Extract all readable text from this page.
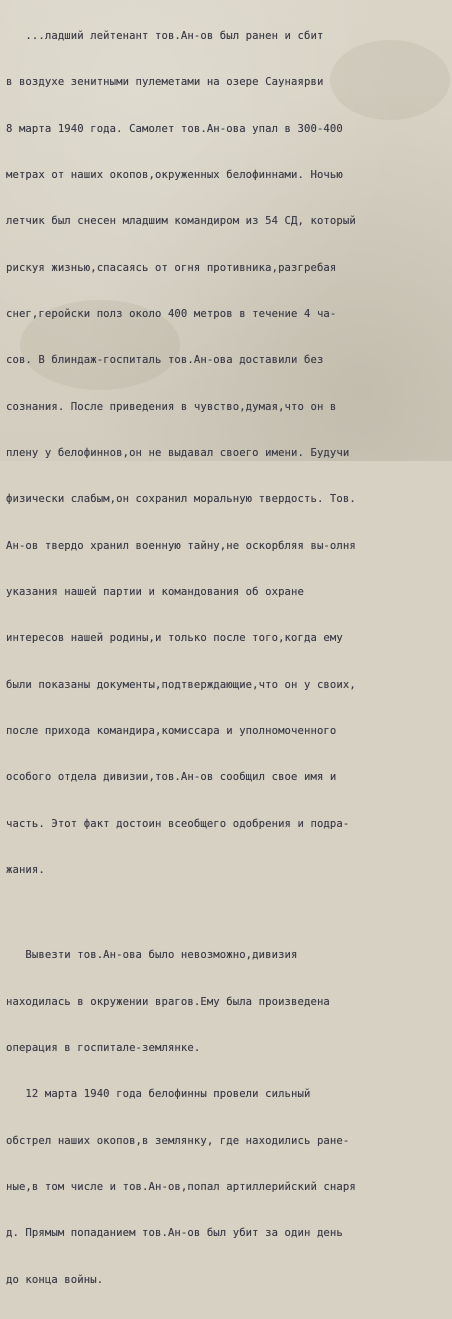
...ладший лейтенант тов.Ан-ов был ранен и сбит

в воздухе зенитными пулеметами на озере Саунаярви

8 марта 1940 года. Самолет тов.Ан-ова упал в 300-400

метрах от наших окопов,окруженных белофиннами. Ночью

летчик был снесен младшим командиром из 54 СД, который

рискуя жизнью,спасаясь от огня противника,разгребая

снег,геройски полз около 400 метров в течение 4 ча-

сов. В блиндаж-госпиталь тов.Ан-ова доставили без

сознания. После приведения в чувство,думая,что он в

плену у белофиннов,он не выдавал своего имени. Будучи

физически слабым,он сохранил моральную твердость. Тов.

Ан-ов твердо хранил военную тайну,не оскорбляя вы-олня

указания нашей партии и командования об охране

интересов нашей родины,и только после того,когда ему

были показаны документы,подтверждающие,что он у своих,

после прихода командира,комиссара и уполномоченного

особого отдела дивизии,тов.Ан-ов сообщил свое имя и

часть. Этот факт достоин всеобщего одобрения и подра-

жания.

Вывезти тов.Ан-ова было невозможно,дивизия

находилась в окружении врагов.Ему была произведена

операция в госпитале-землянке.

12 марта 1940 года белофинны провели сильный

обстрел наших окопов,в землянку, где находились ране-

ные,в том числе и тов.Ан-ов,попал артиллерийский снаря

д. Прямым попаданием тов.Ан-ов был убит за один день

до конца войны.
